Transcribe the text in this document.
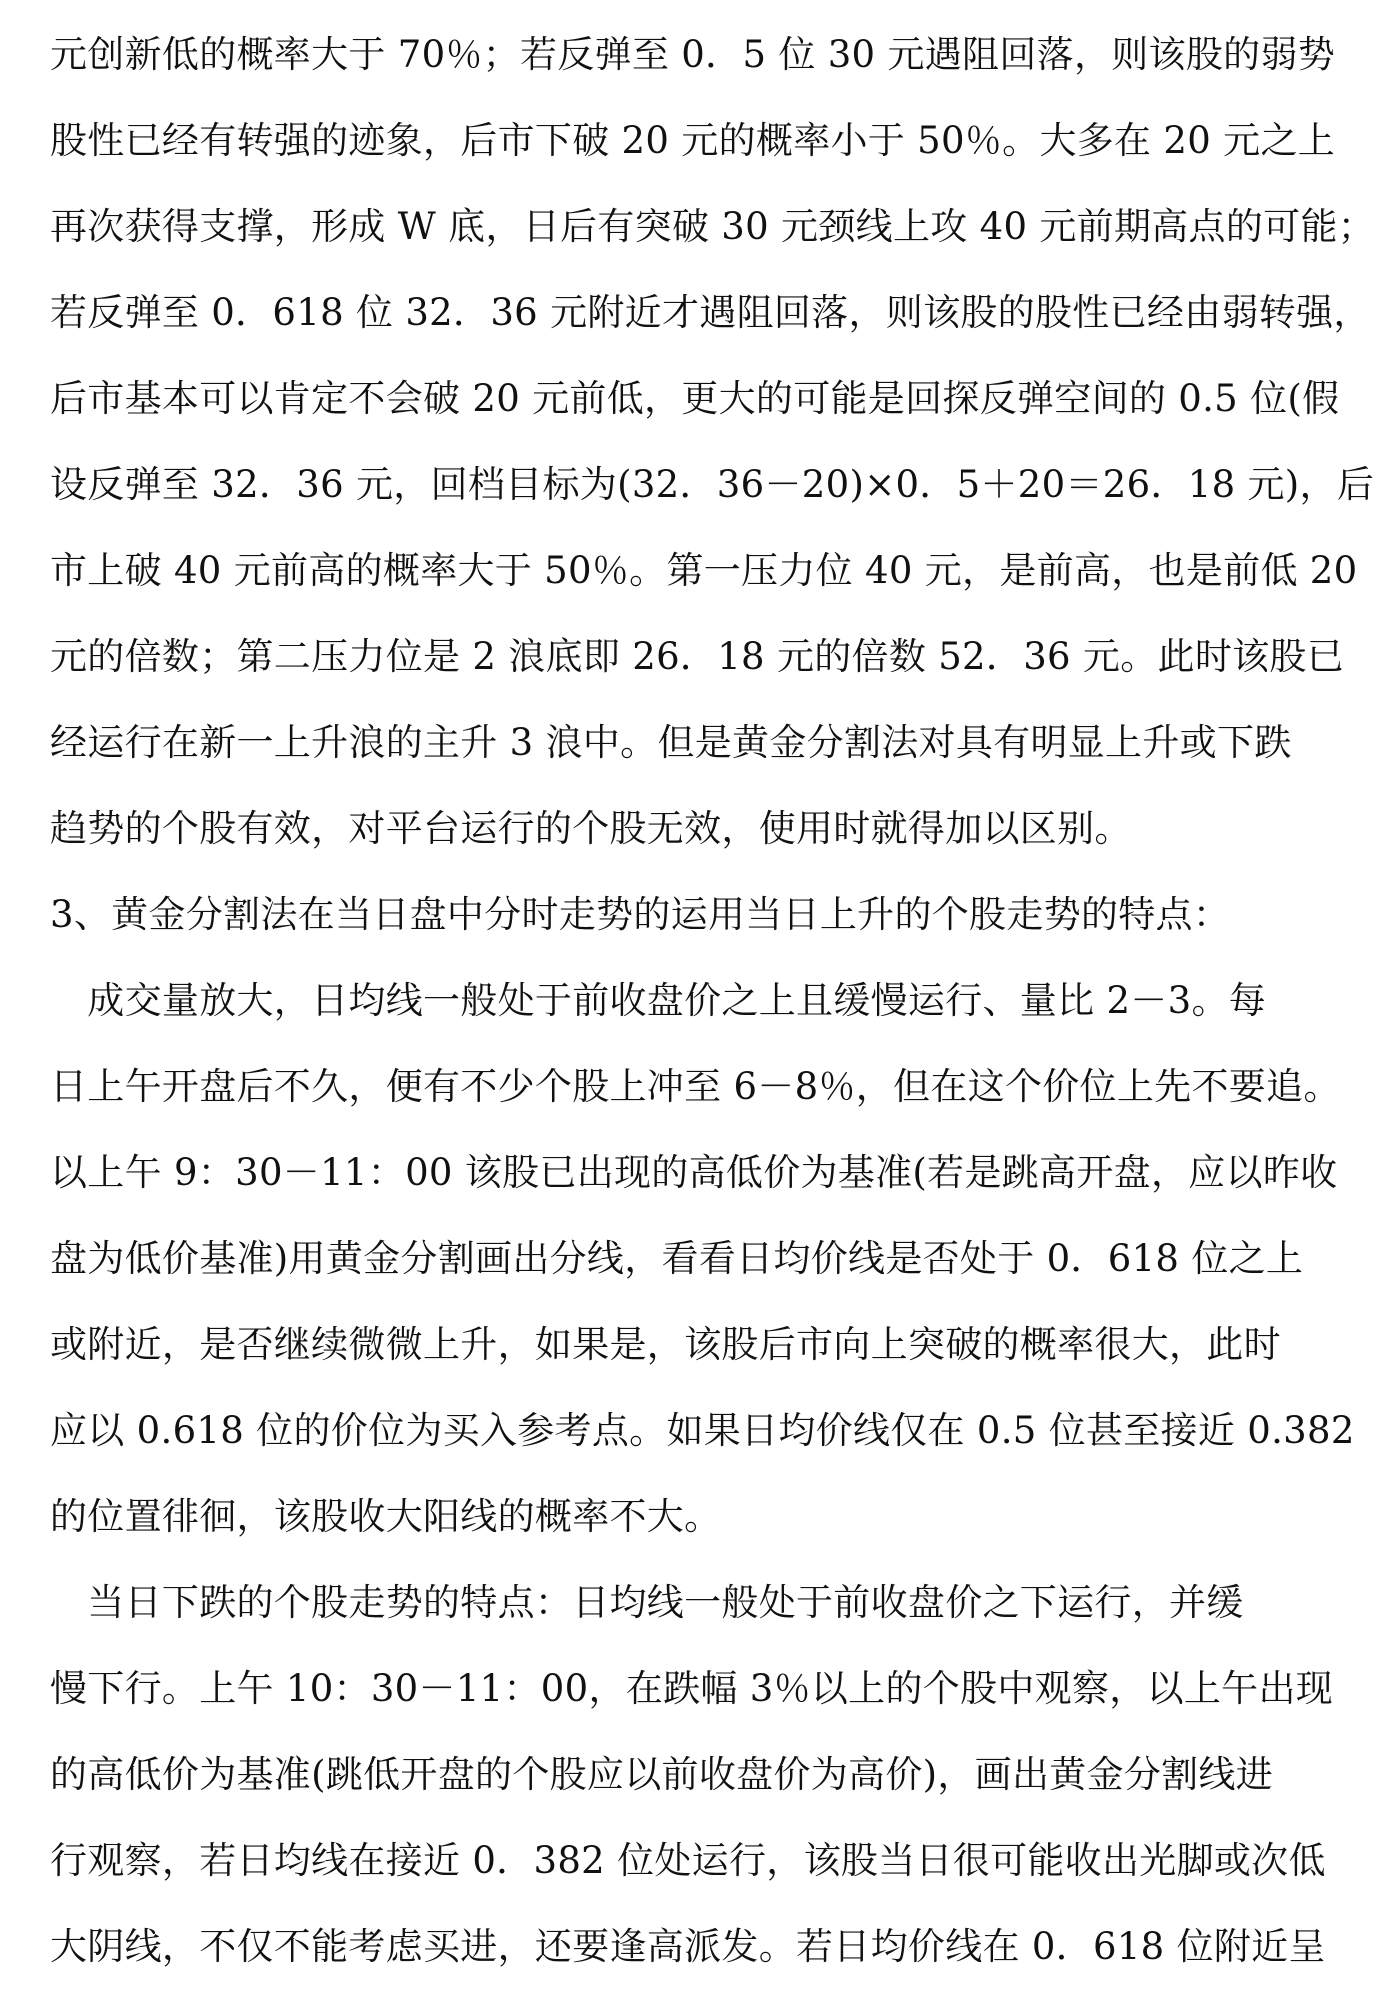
元创新低的概率大于 70％；若反弹至 0．5 位 30 元遇阻回落，则该股的弱势
股性已经有转强的迹象，后市下破 20 元的概率小于 50％。大多在 20 元之上
再次获得支撑，形成 W 底，日后有突破 30 元颈线上攻 40 元前期高点的可能；
若反弹至 0．618 位 32．36 元附近才遇阻回落，则该股的股性已经由弱转强，
后市基本可以肯定不会破 20 元前低，更大的可能是回探反弹空间的 0.5 位(假
设反弹至 32．36 元，回档目标为(32．36－20)×0．5＋20＝26．18 元)，后
市上破 40 元前高的概率大于 50％。第一压力位 40 元，是前高，也是前低 20
元的倍数；第二压力位是 2 浪底即 26．18 元的倍数 52．36 元。此时该股已
经运行在新一上升浪的主升 3 浪中。但是黄金分割法对具有明显上升或下跌
趋势的个股有效，对平台运行的个股无效，使用时就得加以区别。
3、黄金分割法在当日盘中分时走势的运用当日上升的个股走势的特点：
　成交量放大，日均线一般处于前收盘价之上且缓慢运行、量比 2－3。每
日上午开盘后不久，便有不少个股上冲至 6－8％，但在这个价位上先不要追。
以上午 9：30－11：00 该股已出现的高低价为基准(若是跳高开盘，应以昨收
盘为低价基准)用黄金分割画出分线，看看日均价线是否处于 0．618 位之上
或附近，是否继续微微上升，如果是，该股后市向上突破的概率很大，此时
应以 0.618 位的价位为买入参考点。如果日均价线仅在 0.5 位甚至接近 0.382
的位置徘徊，该股收大阳线的概率不大。
　当日下跌的个股走势的特点：日均线一般处于前收盘价之下运行，并缓
慢下行。上午 10：30－11：00，在跌幅 3％以上的个股中观察，以上午出现
的高低价为基准(跳低开盘的个股应以前收盘价为高价)，画出黄金分割线进
行观察，若日均线在接近 0．382 位处运行，该股当日很可能收出光脚或次低
大阴线，不仅不能考虑买进，还要逢高派发。若日均价线在 0．618 位附近呈
